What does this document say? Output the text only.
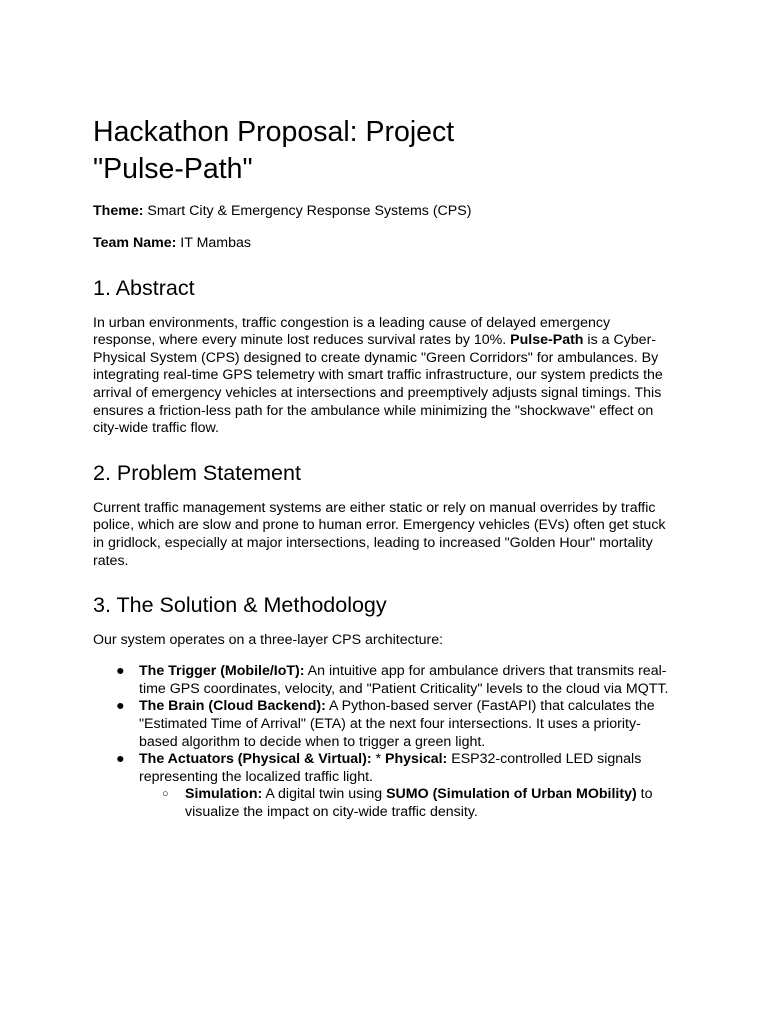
Hackathon Proposal: Project
"Pulse-Path"

Theme: Smart City & Emergency Response Systems (CPS)

Team Name: IT Mambas

1. Abstract

In urban environments, traffic congestion is a leading cause of delayed emergency response, where every minute lost reduces survival rates by 10%. Pulse-Path is a Cyber-Physical System (CPS) designed to create dynamic "Green Corridors" for ambulances. By integrating real-time GPS telemetry with smart traffic infrastructure, our system predicts the arrival of emergency vehicles at intersections and preemptively adjusts signal timings. This ensures a friction-less path for the ambulance while minimizing the "shockwave" effect on city-wide traffic flow.

2. Problem Statement

Current traffic management systems are either static or rely on manual overrides by traffic police, which are slow and prone to human error. Emergency vehicles (EVs) often get stuck in gridlock, especially at major intersections, leading to increased "Golden Hour" mortality rates.

3. The Solution & Methodology

Our system operates on a three-layer CPS architecture:

● The Trigger (Mobile/IoT): An intuitive app for ambulance drivers that transmits real-time GPS coordinates, velocity, and "Patient Criticality" levels to the cloud via MQTT.
● The Brain (Cloud Backend): A Python-based server (FastAPI) that calculates the "Estimated Time of Arrival" (ETA) at the next four intersections. It uses a priority-based algorithm to decide when to trigger a green light.
● The Actuators (Physical & Virtual): * Physical: ESP32-controlled LED signals representing the localized traffic light.
○ Simulation: A digital twin using SUMO (Simulation of Urban MObility) to visualize the impact on city-wide traffic density.
